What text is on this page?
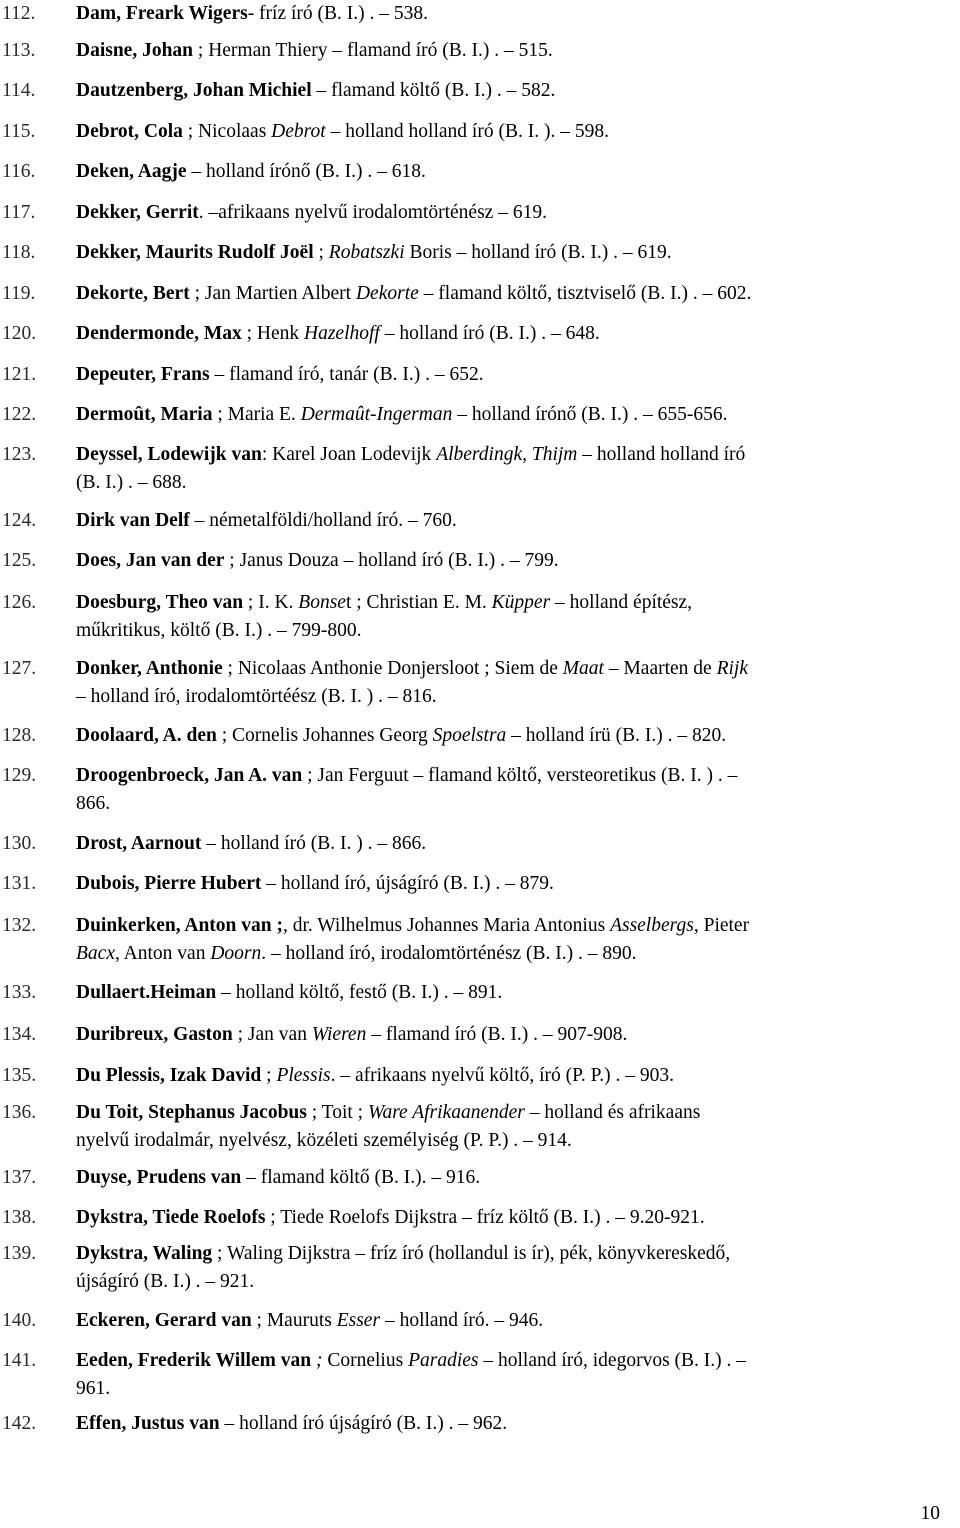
112. Dam, Freark Wigers- fríz író (B. I.) . – 538.
113. Daisne, Johan ; Herman Thiery – flamand író (B. I.) . – 515.
114. Dautzenberg, Johan Michiel – flamand költő (B. I.) . – 582.
115. Debrot, Cola ; Nicolaas Debrot – holland holland író (B. I. ). – 598.
116. Deken, Aagje – holland írónő (B. I.) . – 618.
117. Dekker, Gerrit. –afrikaans nyelvű irodalomtörténész – 619.
118. Dekker, Maurits Rudolf Joël ; Robatszki Boris – holland író (B. I.) . – 619.
119. Dekorte, Bert ; Jan Martien Albert Dekorte – flamand költő, tisztviselő (B. I.) . – 602.
120. Dendermonde, Max ; Henk Hazelhoff – holland író (B. I.) . – 648.
121. Depeuter, Frans – flamand író, tanár (B. I.) . – 652.
122. Dermoût, Maria ; Maria E. Dermaût-Ingerman – holland írónő (B. I.) . – 655-656.
123. Deyssel, Lodewijk van: Karel Joan Lodevijk Alberdingk, Thijm – holland holland író
(B. I.) . – 688.
124. Dirk van Delf – németalföldi/holland író. – 760.
125. Does, Jan van der ; Janus Douza – holland író (B. I.) . – 799.
126. Doesburg, Theo van ; I. K. Bonset ; Christian E. M. Küpper – holland építész,
műkritikus, költő (B. I.) . – 799-800.
127. Donker, Anthonie ; Nicolaas Anthonie Donjersloot ; Siem de Maat – Maarten de Rijk
– holland író, irodalomtörtéész (B. I. ) . – 816.
128. Doolaard, A. den ; Cornelis Johannes Georg Spoelstra – holland írü (B. I.) . – 820.
129. Droogenbroeck, Jan A. van ; Jan Ferguut – flamand költő, versteoretikus (B. I. ) . –
866.
130. Drost, Aarnout – holland író (B. I. ) . – 866.
131. Dubois, Pierre Hubert – holland író, újságíró (B. I.) . – 879.
132. Duinkerken, Anton van ;, dr. Wilhelmus Johannes Maria Antonius Asselbergs, Pieter
Bacx, Anton van Doorn. – holland író, irodalomtörténész (B. I.) . – 890.
133. Dullaert.Heiman – holland költő, festő (B. I.) . – 891.
134. Duribreux, Gaston ; Jan van Wieren – flamand író (B. I.) . – 907-908.
135. Du Plessis, Izak David ; Plessis. – afrikaans nyelvű költő, író (P. P.) . – 903.
136. Du Toit, Stephanus Jacobus ; Toit ; Ware Afrikaanender – holland és afrikaans
nyelvű irodalmár, nyelvész, közéleti személyiség (P. P.) . – 914.
137. Duyse, Prudens van – flamand költő (B. I.). – 916.
138. Dykstra, Tiede Roelofs ; Tiede Roelofs Dijkstra – fríz költő (B. I.) . – 9.20-921.
139. Dykstra, Waling ; Waling Dijkstra – fríz író (hollandul is ír), pék, könyvkereskedő,
újságíró (B. I.) . – 921.
140. Eckeren, Gerard van ; Mauruts Esser – holland író. – 946.
141. Eeden, Frederik Willem van ; Cornelius Paradies – holland író, idegorvos (B. I.) . –
961.
142. Effen, Justus van – holland író újságíró (B. I.) . – 962.
10
